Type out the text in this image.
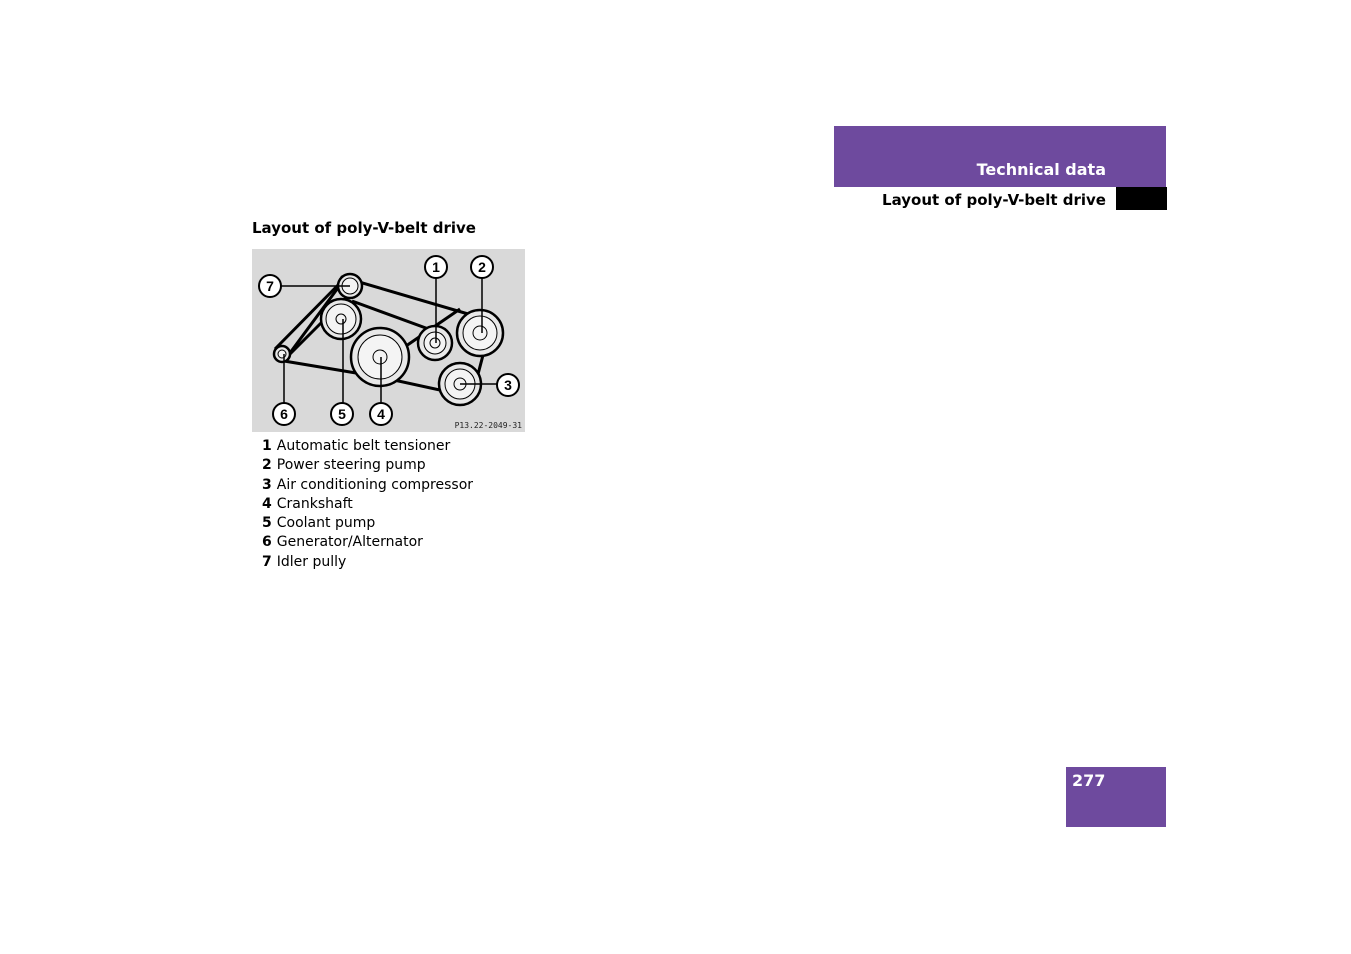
Technical data
Layout of poly-V-belt drive
Layout of poly-V-belt drive
1	2
3
4
5
6
7
P13.22-2049-31
1 Automatic belt tensioner
2 Power steering pump
3 Air conditioning compressor
4 Crankshaft
5 Coolant pump
6 Generator/Alternator
7 Idler pully
277
